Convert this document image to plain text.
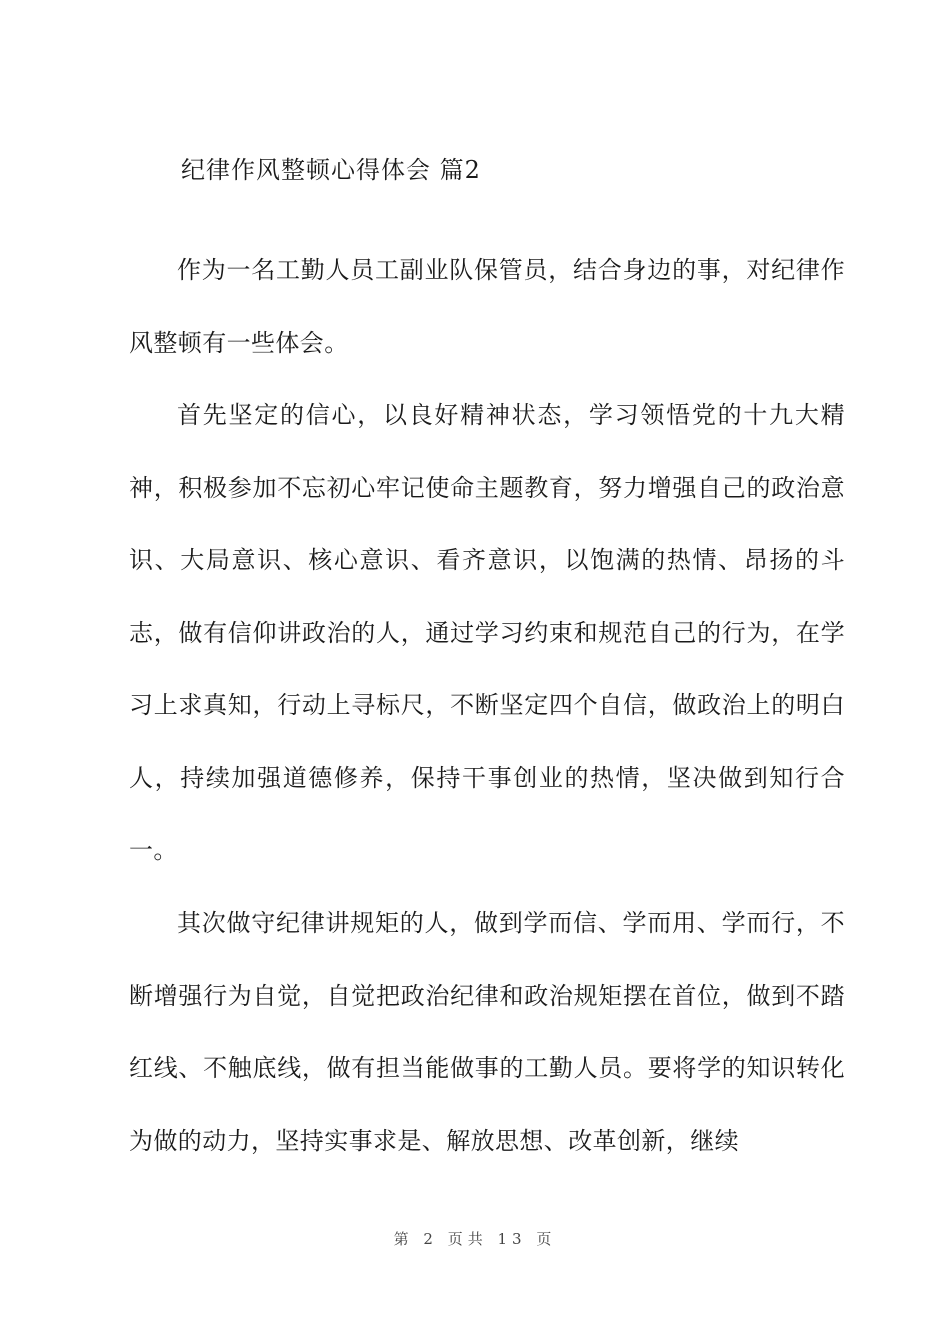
纪律作风整顿心得体会 篇2

作为一名工勤人员工副业队保管员，结合身边的事，对纪律作风整顿有一些体会。

首先坚定的信心，以良好精神状态，学习领悟党的十九大精神，积极参加不忘初心牢记使命主题教育，努力增强自己的政治意识、大局意识、核心意识、看齐意识，以饱满的热情、昂扬的斗志，做有信仰讲政治的人，通过学习约束和规范自己的行为，在学习上求真知，行动上寻标尺，不断坚定四个自信，做政治上的明白人，持续加强道德修养，保持干事创业的热情，坚决做到知行合一。

其次做守纪律讲规矩的人，做到学而信、学而用、学而行，不断增强行为自觉，自觉把政治纪律和政治规矩摆在首位，做到不踏红线、不触底线，做有担当能做事的工勤人员。要将学的知识转化为做的动力，坚持实事求是、解放思想、改革创新，继续

第 2 页共 13 页
